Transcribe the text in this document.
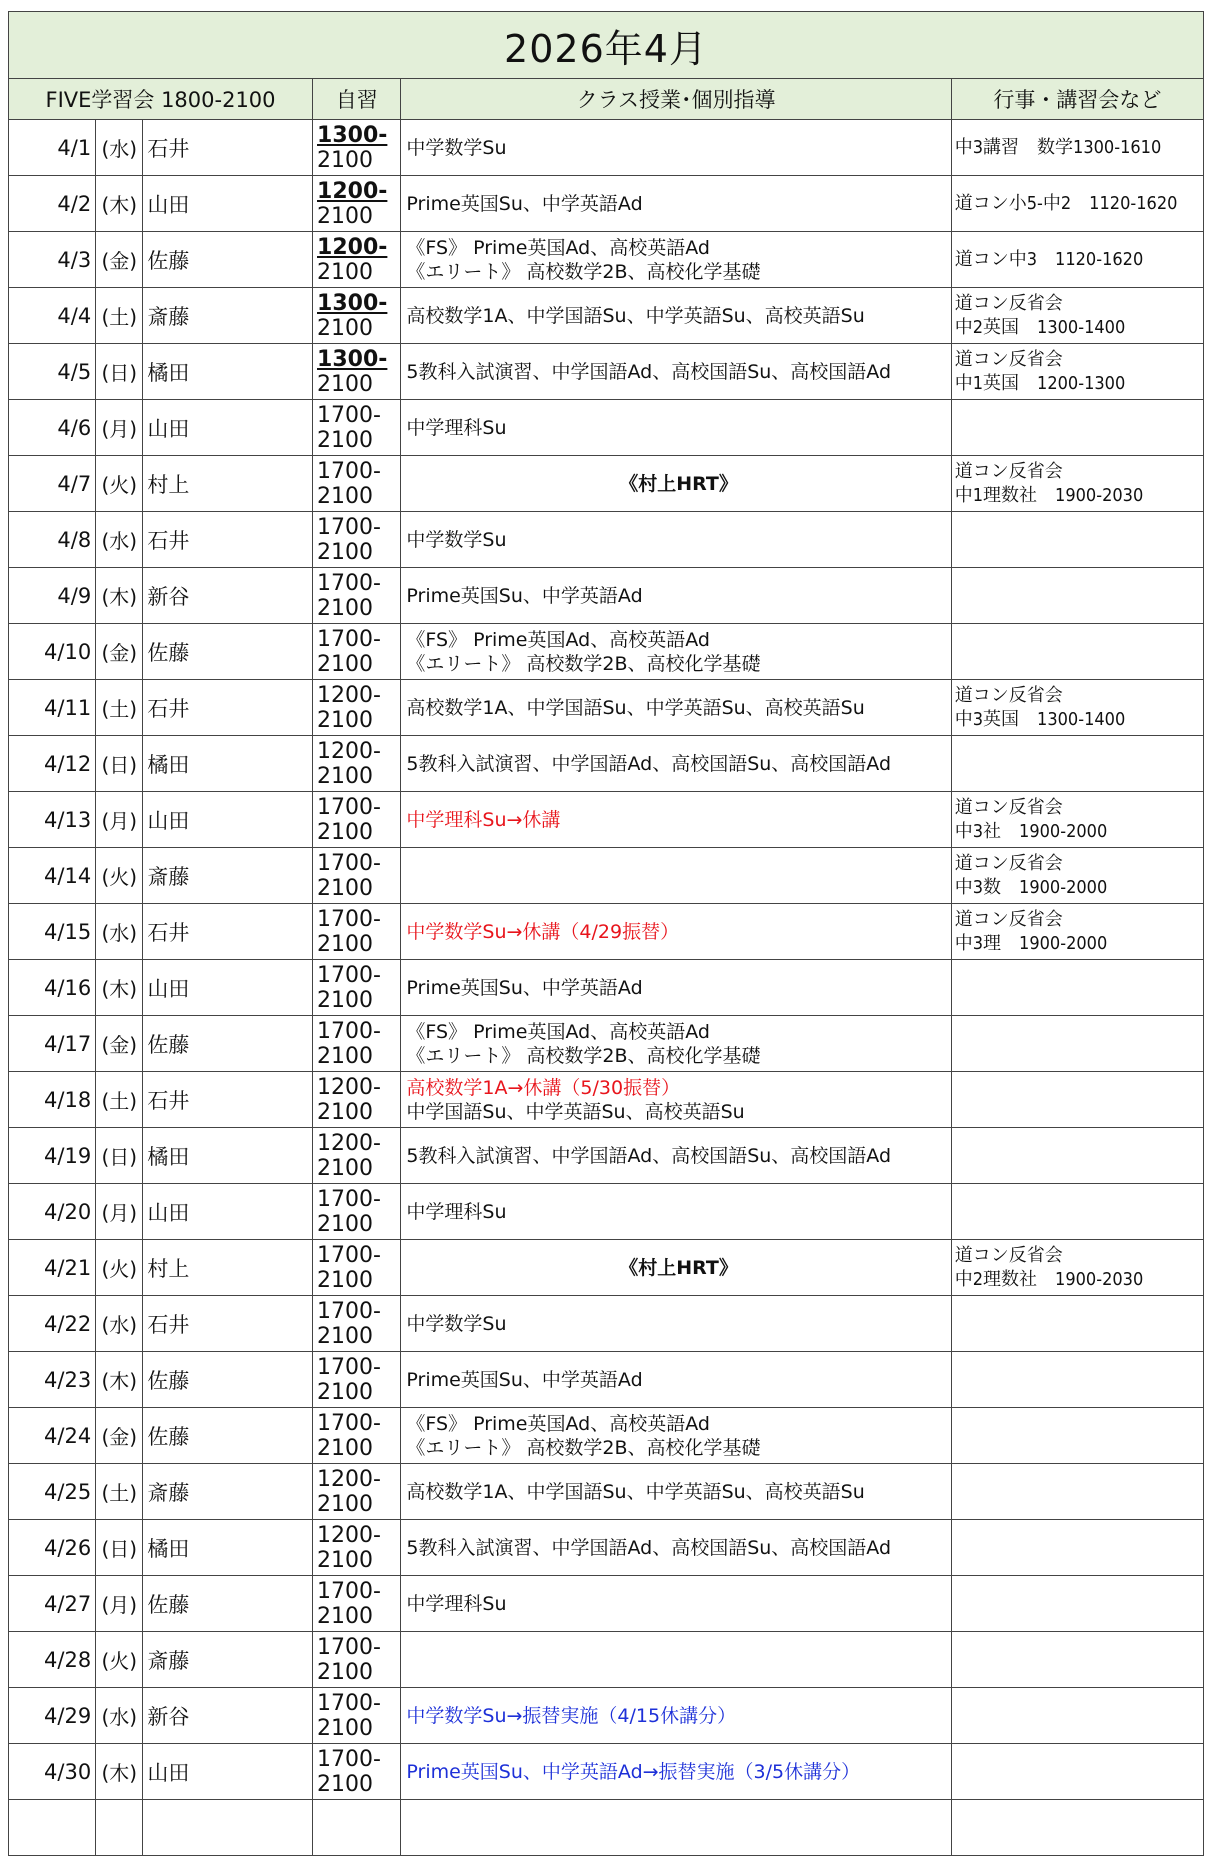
2026年4月					
FIVE学習会 1800-2100			自習	クラス授業･個別指導	行事・講習会など
4/1	(水)	石井	1300-
2100	中学数学Su	中3講習　数学1300-1610

4/2	(木)	山田	1200-
2100	Prime英国Su、中学英語Ad	道コン小5-中2　1120-1620

4/3	(金)	佐藤	1200-
2100	《FS》 Prime英国Ad、高校英語Ad
《エリート》 高校数学2B、高校化学基礎	道コン中3　1120-1620

4/4	(土)	斎藤	1300-
2100	高校数学1A、中学国語Su、中学英語Su、高校英語Su	道コン反省会
中2英国　1300-1400

4/5	(日)	橘田	1300-
2100	5教科入試演習、中学国語Ad、高校国語Su、高校国語Ad	道コン反省会
中1英国　1200-1300

4/6	(月)	山田	1700-
2100	中学理科Su	

4/7	(火)	村上	1700-
2100	《村上HRT》	道コン反省会
中1理数社　1900-2030

4/8	(水)	石井	1700-
2100	中学数学Su	

4/9	(木)	新谷	1700-
2100	Prime英国Su、中学英語Ad	

4/10	(金)	佐藤	1700-
2100	《FS》 Prime英国Ad、高校英語Ad
《エリート》 高校数学2B、高校化学基礎	

4/11	(土)	石井	1200-
2100	高校数学1A、中学国語Su、中学英語Su、高校英語Su	道コン反省会
中3英国　1300-1400

4/12	(日)	橘田	1200-
2100	5教科入試演習、中学国語Ad、高校国語Su、高校国語Ad	

4/13	(月)	山田	1700-
2100	中学理科Su→休講	道コン反省会
中3社　1900-2000

4/14	(火)	斎藤	1700-
2100		道コン反省会
中3数　1900-2000

4/15	(水)	石井	1700-
2100	中学数学Su→休講（4/29振替）	道コン反省会
中3理　1900-2000

4/16	(木)	山田	1700-
2100	Prime英国Su、中学英語Ad	

4/17	(金)	佐藤	1700-
2100	《FS》 Prime英国Ad、高校英語Ad
《エリート》 高校数学2B、高校化学基礎	

4/18	(土)	石井	1200-
2100	高校数学1A→休講（5/30振替）
中学国語Su、中学英語Su、高校英語Su	

4/19	(日)	橘田	1200-
2100	5教科入試演習、中学国語Ad、高校国語Su、高校国語Ad	

4/20	(月)	山田	1700-
2100	中学理科Su	

4/21	(火)	村上	1700-
2100	《村上HRT》	道コン反省会
中2理数社　1900-2030

4/22	(水)	石井	1700-
2100	中学数学Su	

4/23	(木)	佐藤	1700-
2100	Prime英国Su、中学英語Ad	

4/24	(金)	佐藤	1700-
2100	《FS》 Prime英国Ad、高校英語Ad
《エリート》 高校数学2B、高校化学基礎	

4/25	(土)	斎藤	1200-
2100	高校数学1A、中学国語Su、中学英語Su、高校英語Su	

4/26	(日)	橘田	1200-
2100	5教科入試演習、中学国語Ad、高校国語Su、高校国語Ad	

4/27	(月)	佐藤	1700-
2100	中学理科Su	

4/28	(火)	斎藤	1700-
2100		

4/29	(水)	新谷	1700-
2100	中学数学Su→振替実施（4/15休講分）	

4/30	(木)	山田	1700-
2100	Prime英国Su、中学英語Ad→振替実施（3/5休講分）	
